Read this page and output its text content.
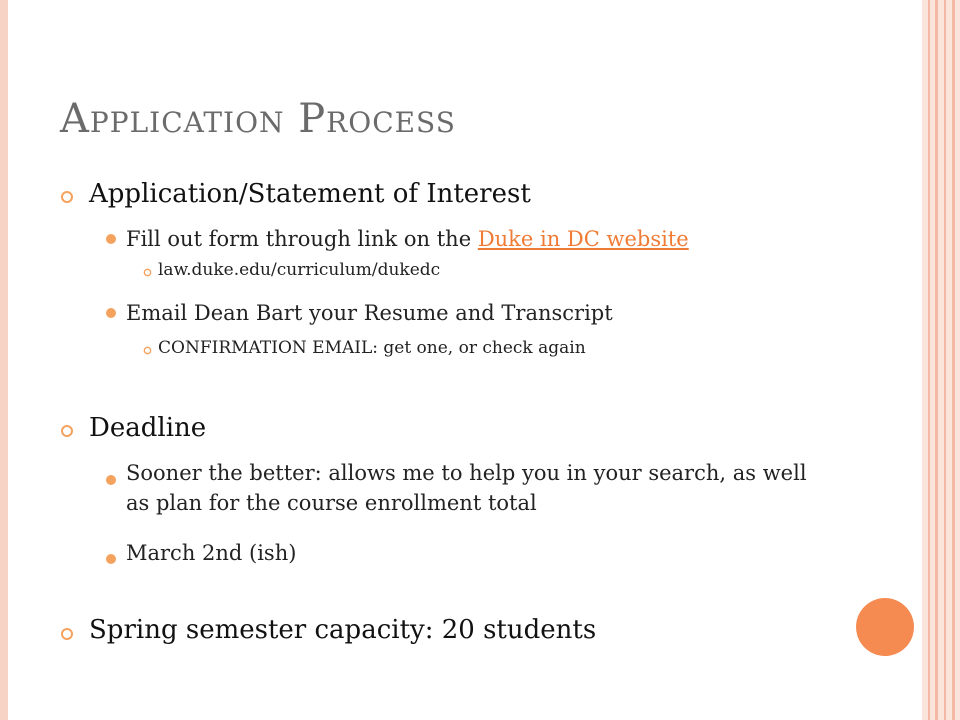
Application Process
Application/Statement of Interest
Fill out form through link on the Duke in DC website
law.duke.edu/curriculum/dukedc
Email Dean Bart your Resume and Transcript
CONFIRMATION EMAIL: get one, or check again
Deadline
Sooner the better: allows me to help you in your search, as well as plan for the course enrollment total
March 2nd (ish)
Spring semester capacity: 20 students
